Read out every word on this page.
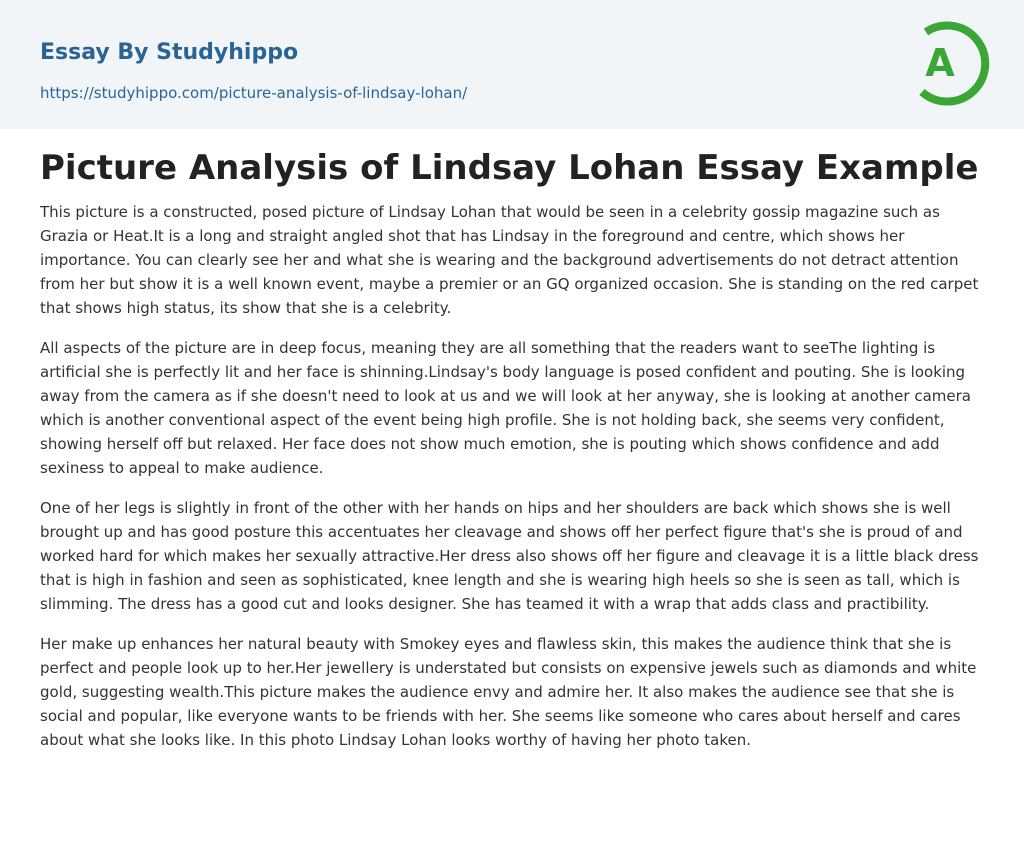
Essay By Studyhippo
https://studyhippo.com/picture-analysis-of-lindsay-lohan/
A
Picture Analysis of Lindsay Lohan Essay Example

This picture is a constructed, posed picture of Lindsay Lohan that would be seen in a celebrity gossip magazine such as Grazia or Heat.It is a long and straight angled shot that has Lindsay in the foreground and centre, which shows her importance. You can clearly see her and what she is wearing and the background advertisements do not detract attention from her but show it is a well known event, maybe a premier or an GQ organized occasion. She is standing on the red carpet that shows high status, its show that she is a celebrity.

All aspects of the picture are in deep focus, meaning they are all something that the readers want to seeThe lighting is artificial she is perfectly lit and her face is shinning.Lindsay's body language is posed confident and pouting. She is looking away from the camera as if she doesn't need to look at us and we will look at her anyway, she is looking at another camera which is another conventional aspect of the event being high profile. She is not holding back, she seems very confident, showing herself off but relaxed. Her face does not show much emotion, she is pouting which shows confidence and add sexiness to appeal to make audience.

One of her legs is slightly in front of the other with her hands on hips and her shoulders are back which shows she is well brought up and has good posture this accentuates her cleavage and shows off her perfect figure that's she is proud of and worked hard for which makes her sexually attractive.Her dress also shows off her figure and cleavage it is a little black dress that is high in fashion and seen as sophisticated, knee length and she is wearing high heels so she is seen as tall, which is slimming. The dress has a good cut and looks designer. She has teamed it with a wrap that adds class and practibility.

Her make up enhances her natural beauty with Smokey eyes and flawless skin, this makes the audience think that she is perfect and people look up to her.Her jewellery is understated but consists on expensive jewels such as diamonds and white gold, suggesting wealth.This picture makes the audience envy and admire her. It also makes the audience see that she is social and popular, like everyone wants to be friends with her. She seems like someone who cares about herself and cares about what she looks like. In this photo Lindsay Lohan looks worthy of having her photo taken.
